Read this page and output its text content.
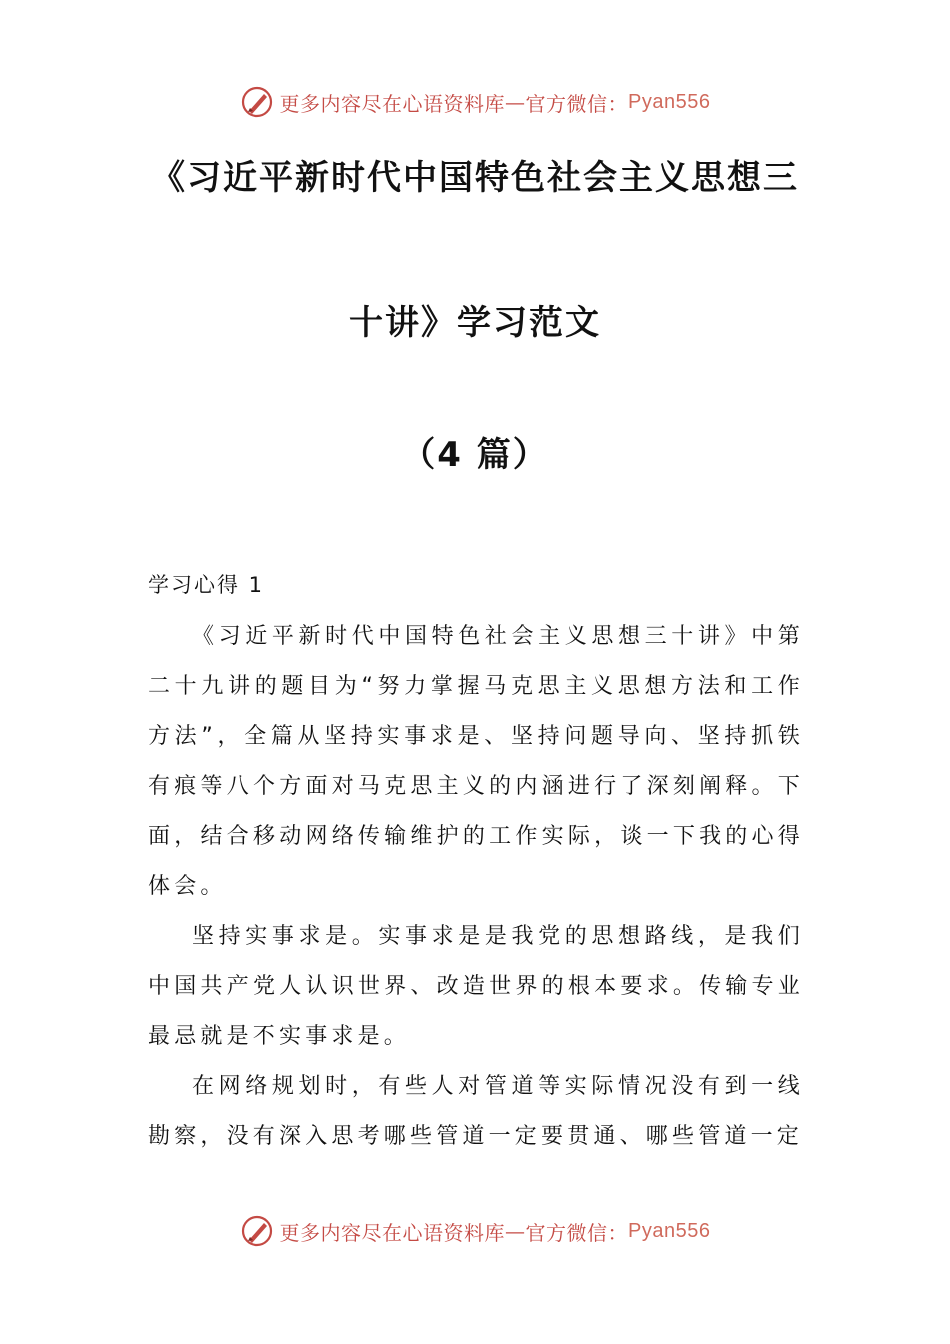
更多内容尽在心语资料库 — 官方微信： Pyan556
《习近平新时代中国特色社会主义思想三
十讲》学习范文
（4 篇）
学习心得 1

《习近平新时代中国特色社会主义思想三十讲》中第二十九讲的题目为“努力掌握马克思主义思想方法和工作方法”，全篇从坚持实事求是、坚持问题导向、坚持抓铁有痕等八个方面对马克思主义的内涵进行了深刻阐释。下面，结合移动网络传输维护的工作实际，谈一下我的心得体会。

坚持实事求是。实事求是是我党的思想路线，是我们中国共产党人认识世界、改造世界的根本要求。传输专业最忌就是不实事求是。

在网络规划时，有些人对管道等实际情况没有到一线勘察，没有深入思考哪些管道一定要贯通、哪些管道一定

更多内容尽在心语资料库 — 官方微信： Pyan556
